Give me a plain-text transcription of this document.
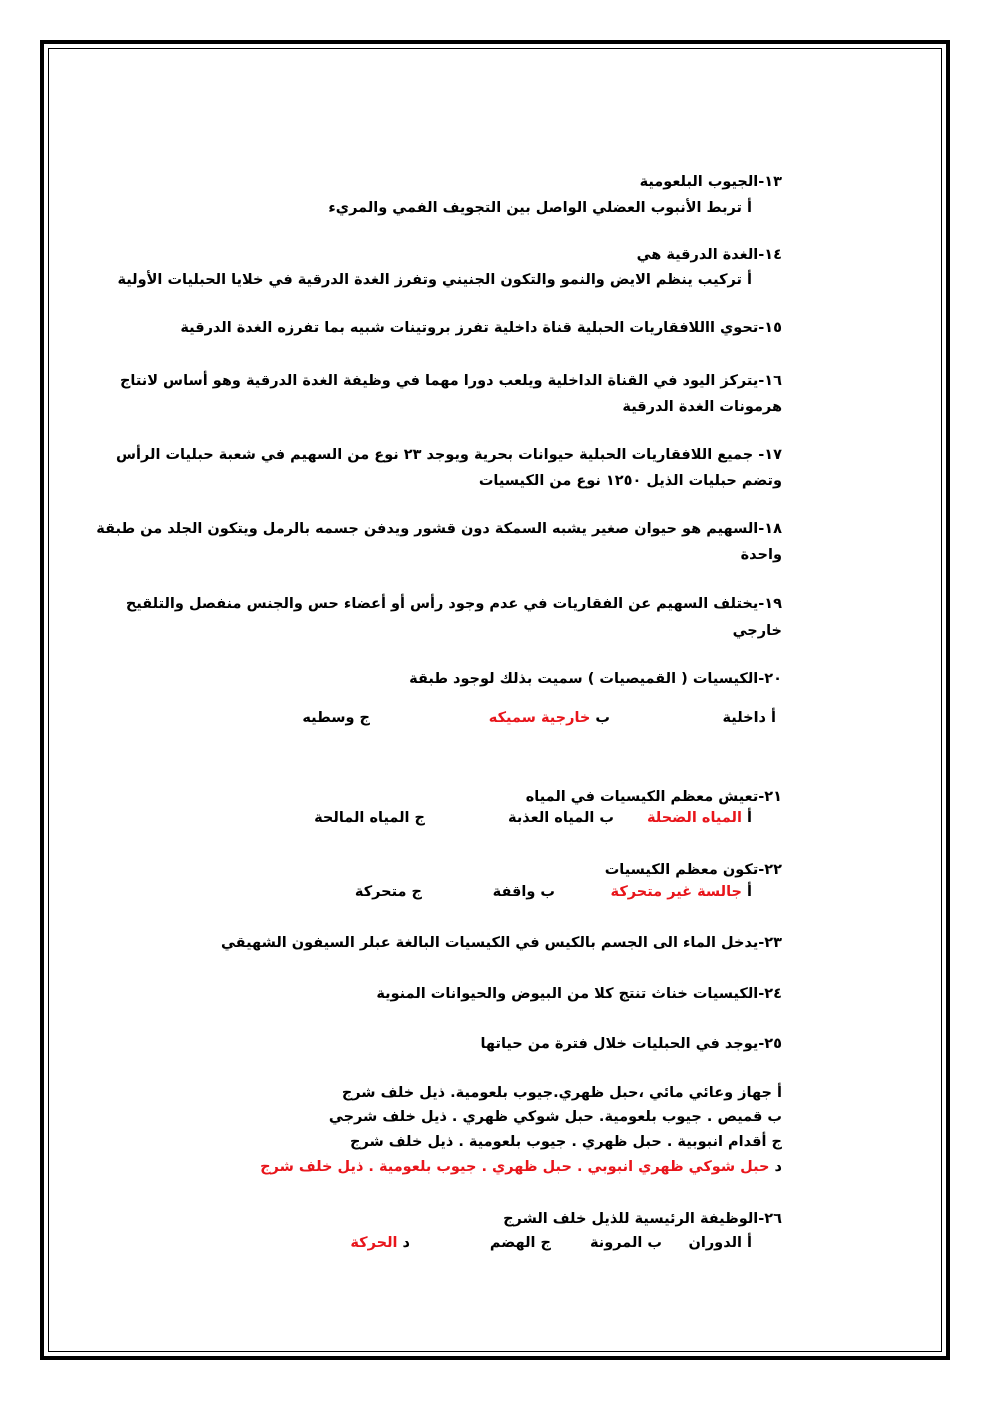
١٣-الجيوب البلعومية
أ تربط الأنبوب العضلي الواصل بين التجويف الفمي والمريء
١٤-الغدة الدرقية هي
أ تركيب ينظم الايض والنمو والتكون الجنيني وتفرز الغدة الدرقية في خلايا الحبليات الأولية
١٥-تحوي االلافقاريات الحبلية قناة داخلية تفرز بروتينات شبيه بما تفرزه الغدة الدرقية
١٦-يتركز اليود في القناة الداخلية ويلعب دورا مهما في وظيفة الغدة الدرقية وهو أساس لانتاج
هرمونات الغدة الدرقية
١٧- جميع اللافقاريات الحبلية حيوانات بحرية ويوجد ٢٣ نوع من السهيم في شعبة حبليات الرأس
وتضم حبليات الذيل ١٢٥٠ نوع من الكيسيات
١٨-السهيم هو حيوان صغير يشبه السمكة دون قشور ويدفن جسمه بالرمل ويتكون الجلد من طبقة
واحدة
١٩-يختلف السهيم عن الفقاريات في عدم وجود رأس أو أعضاء حس والجنس منفصل والتلقيح
خارجي
٢٠-الكيسيات ( القميصيات ) سميت بذلك لوجود طبقة
٢١-تعيش معظم الكيسيات في المياه
٢٢-تكون معظم الكيسيات
٢٣-يدخل الماء الى الجسم بالكيس في الكيسيات البالغة عبلر السيفون الشهيقي
٢٤-الكيسيات خناث تنتج كلا من البيوض والحيوانات المنوية
٢٥-يوجد في الحبليات خلال فترة من حياتها
أ جهاز وعائي مائي ،حبل ظهري.جيوب بلعومية. ذيل خلف شرج
ب قميص . جيوب بلعومية. حبل شوكي ظهري . ذيل خلف شرجي
ج أقدام انبوبية . حبل ظهري . جيوب بلعومية . ذيل خلف شرج
د حبل شوكي ظهري انبوبي . حبل ظهري . جيوب بلعومية . ذيل خلف شرج
٢٦-الوظيفة الرئيسية للذيل خلف الشرج
أ داخلية
ب خارجية سميكه
ج وسطيه
أ المياه الضحلة
ب المياه العذبة
ج المياه المالحة
أ جالسة غير متحركة
ب واقفة
ج متحركة
أ الدوران
ب المرونة
ج الهضم
د الحركة
